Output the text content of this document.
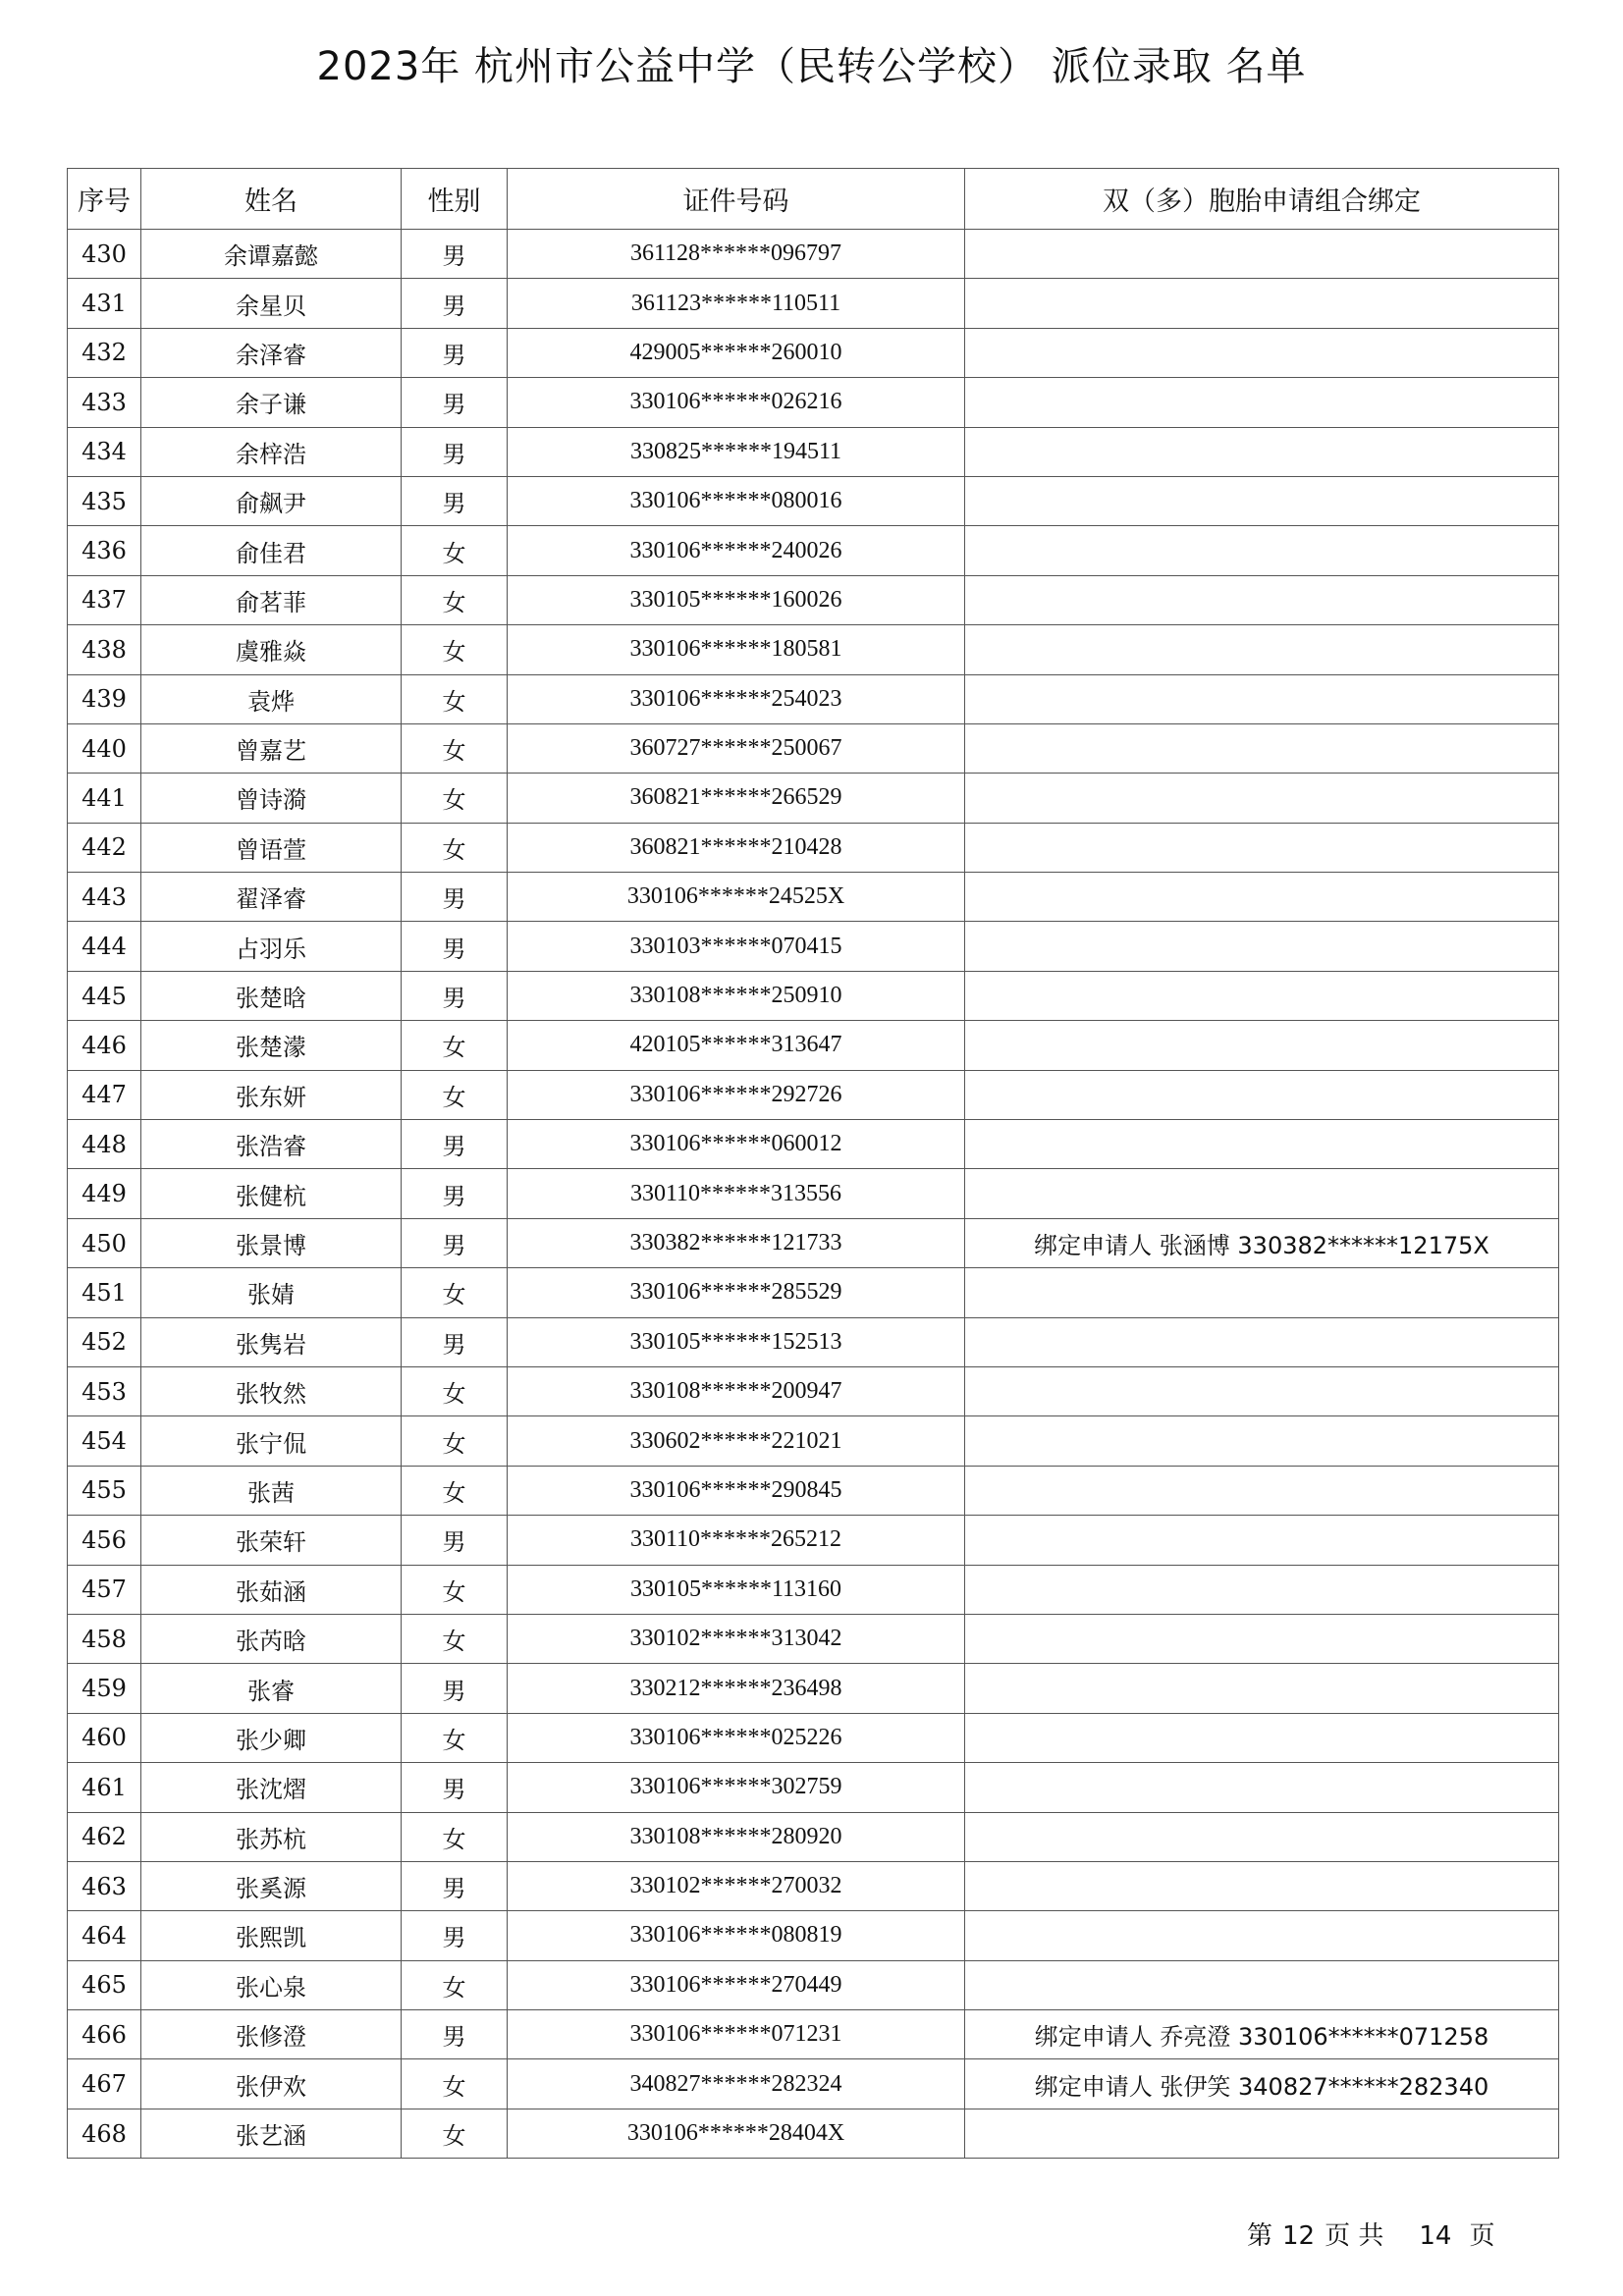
2023年 杭州市公益中学（民转公学校） 派位录取 名单
序号	姓名	性别	证件号码	双（多）胞胎申请组合绑定
430	余谭嘉懿	男	361128******096797	
431	余星贝	男	361123******110511	
432	余泽睿	男	429005******260010	
433	余子谦	男	330106******026216	
434	余梓浩	男	330825******194511	
435	俞飙尹	男	330106******080016	
436	俞佳君	女	330106******240026	
437	俞茗菲	女	330105******160026	
438	虞雅焱	女	330106******180581	
439	袁烨	女	330106******254023	
440	曾嘉艺	女	360727******250067	
441	曾诗漪	女	360821******266529	
442	曾语萱	女	360821******210428	
443	翟泽睿	男	330106******24525X	
444	占羽乐	男	330103******070415	
445	张楚晗	男	330108******250910	
446	张楚濛	女	420105******313647	
447	张东妍	女	330106******292726	
448	张浩睿	男	330106******060012	
449	张健杭	男	330110******313556	
450	张景博	男	330382******121733	绑定申请人 张涵博 330382******12175X
451	张婧	女	330106******285529	
452	张隽岩	男	330105******152513	
453	张牧然	女	330108******200947	
454	张宁侃	女	330602******221021	
455	张茜	女	330106******290845	
456	张荣轩	男	330110******265212	
457	张茹涵	女	330105******113160	
458	张芮晗	女	330102******313042	
459	张睿	男	330212******236498	
460	张少卿	女	330106******025226	
461	张沈熠	男	330106******302759	
462	张苏杭	女	330108******280920	
463	张奚源	男	330102******270032	
464	张熙凯	男	330106******080819	
465	张心泉	女	330106******270449	
466	张修澄	男	330106******071231	绑定申请人 乔亮澄 330106******071258
467	张伊欢	女	340827******282324	绑定申请人 张伊笑 340827******282340
468	张艺涵	女	330106******28404X	
第 12 页 共 14 页
